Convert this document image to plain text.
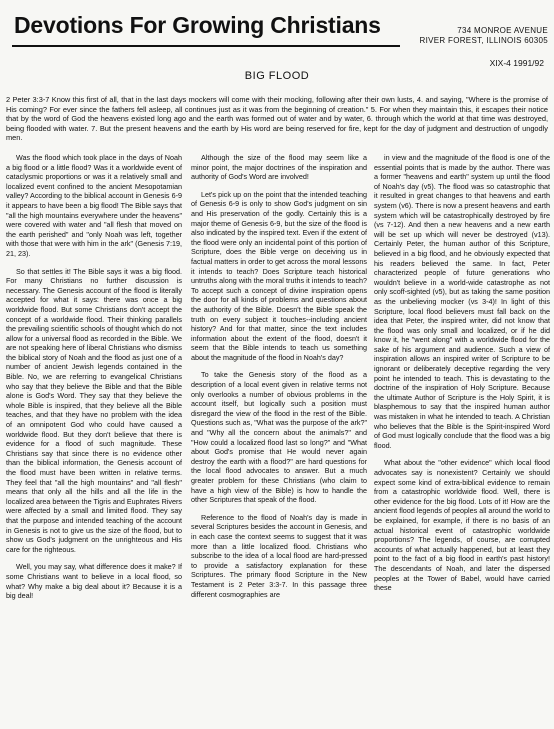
Devotions For Growing Christians	734 MONROE AVENUE
RIVER FOREST, ILLINOIS 60305
XIX-4 1991/92
BIG FLOOD

2 Peter 3:3-7 Know this first of all, that in the last days mockers will come with their mocking, following after their own lusts, 4. and saying, "Where is the promise of His coming? For ever since the fathers fell asleep, all continues just as it was from the beginning of creation." 5. For when they maintain this, it escapes their notice that by the word of God the heavens existed long ago and the earth was formed out of water and by water, 6. through which the world at that time was destroyed, being flooded with water. 7. But the present heavens and the earth by His word are being reserved for fire, kept for the day of judgment and destruction of ungodly men.

Was the flood which took place in the days of Noah a big flood or a little flood? Was it a worldwide event of cataclysmic proportions or was it a relatively small and localized event confined to the ancient Mesopotamian valley? According to the biblical account in Genesis 6-9 it appears to have been a big flood! The Bible says that "all the high mountains everywhere under the heavens" were covered with water and "all flesh that moved on the earth perished" and "only Noah was left, together with those that were with him in the ark" (Genesis 7:19, 21, 23).

So that settles it! The Bible says it was a big flood. For many Christians no further discussion is necessary. The Genesis account of the flood is literally accepted for what it says: there was once a big worldwide flood. But some Christians don't accept the concept of a worldwide flood. Their thinking parallels the prevailing scientific schools of thought which do not allow for a universal flood as recorded in the Bible. We are not speaking here of liberal Christians who dismiss the biblical story of Noah and the flood as just one of a number of ancient Jewish legends contained in the Bible. No, we are referring to evangelical Christians who say that they believe the Bible and that the Bible alone is God's Word. They say that they believe the whole Bible is inspired, that they believe all the Bible teaches, and that they have no problem with the idea of an omnipotent God who could have caused a worldwide flood. But they don't believe that there is evidence for a flood of such magnitude. These Christians say that since there is no evidence other than the biblical information, the Genesis account of the flood must have been written in relative terms. They feel that "all the high mountains" and "all flesh" means that only all the hills and all the life in the localized area between the Tigris and Euphrates Rivers were affected by a small and limited flood. They say that the purpose and intended teaching of the account in Genesis is not to give us the size of the flood, but to show us God's judgment on the unrighteous and His care for the righteous.

Well, you may say, what difference does it make? If some Christians want to believe in a local flood, so what? Why make a big deal about it? Because it is a big deal!

Although the size of the flood may seem like a minor point, the major doctrines of the inspiration and authority of God's Word are involved!

Let's pick up on the point that the intended teaching of Genesis 6-9 is only to show God's judgment on sin and His preservation of the godly. Certainly this is a major theme of Genesis 6-9, but the size of the flood is also indicated by the inspired text. Even if the extent of the flood were only an incidental point of this portion of Scripture, does the Bible verge on deceiving us in factual matters in order to get across the moral lessons it intends to teach? Does Scripture teach historical untruths along with the moral truths it intends to teach? To accept such a concept of divine inspiration opens the door for all kinds of problems and questions about the authority of the Bible. Doesn't the Bible speak the truth on every subject it touches--including ancient history? And for that matter, since the text includes information about the extent of the flood, doesn't it seem that the Bible intends to teach us something about the magnitude of the flood in Noah's day?

To take the Genesis story of the flood as a description of a local event given in relative terms not only overlooks a number of obvious problems in the account itself, but logically such a position must disregard the view of the flood in the rest of the Bible. Questions such as, "What was the purpose of the ark?" and "Why all the concern about the animals?" and "How could a localized flood last so long?" and "What about God's promise that He would never again destroy the earth with a flood?" are hard questions for the local flood advocates to answer. But a much greater problem for these Christians (who claim to have a high view of the Bible) is how to handle the other Scriptures that speak of the flood.

Reference to the flood of Noah's day is made in several Scriptures besides the account in Genesis, and in each case the context seems to suggest that it was more than a little localized flood. Christians who subscribe to the idea of a local flood are hard-pressed to provide a satisfactory explanation for these Scriptures. The primary flood Scripture in the New Testament is 2 Peter 3:3-7. In this passage three different cosmographies are

in view and the magnitude of the flood is one of the essential points that is made by the author. There was a former "heavens and earth" system up until the flood of Noah's day (v5). The flood was so catastrophic that it resulted in great changes to that heavens and earth system (v6). There is now a present heavens and earth system which will be catastrophically destroyed by fire (vs 7-12). And then a new heavens and a new earth will be set up which will never be destroyed (v13). Certainly Peter, the human author of this Scripture, believed in a big flood, and he obviously expected that his readers believed the same. In fact, Peter characterized people of future generations who wouldn't believe in a world-wide catastrophe as not only scoff-sighted (v5), but as taking the same position as the unbelieving mocker (vs 3-4)! In light of this Scripture, local flood believers must fall back on the idea that Peter, the inspired writer, did not know that the flood was only small and localized, or if he did know it, he "went along" with a worldwide flood for the sake of his argument and audience. Such a view of inspiration allows an inspired writer of Scripture to be ignorant or deliberately deceptive regarding the very point he intended to teach. This is devastating to the doctrine of the inspiration of Holy Scripture. Because the ultimate Author of Scripture is the Holy Spirit, it is blasphemous to say that the inspired human author was mistaken in what he intended to teach. A Christian who believes that the Bible is the Spirit-inspired Word of God must logically conclude that the flood was a big flood.

What about the "other evidence" which local flood advocates say is nonexistent? Certainly we should expect some kind of extra-biblical evidence to remain from a catastrophic worldwide flood. Well, there is other evidence for the big flood. Lots of it! How are the ancient flood legends of peoples all around the world to be explained, for example, if there is no basis of an actual historical event of catastrophic worldwide proportions? The legends, of course, are corrupted accounts of what actually happened, but at least they point to the fact of a big flood in earth's past history! The descendants of Noah, and later the dispersed peoples at the Tower of Babel, would have carried these
